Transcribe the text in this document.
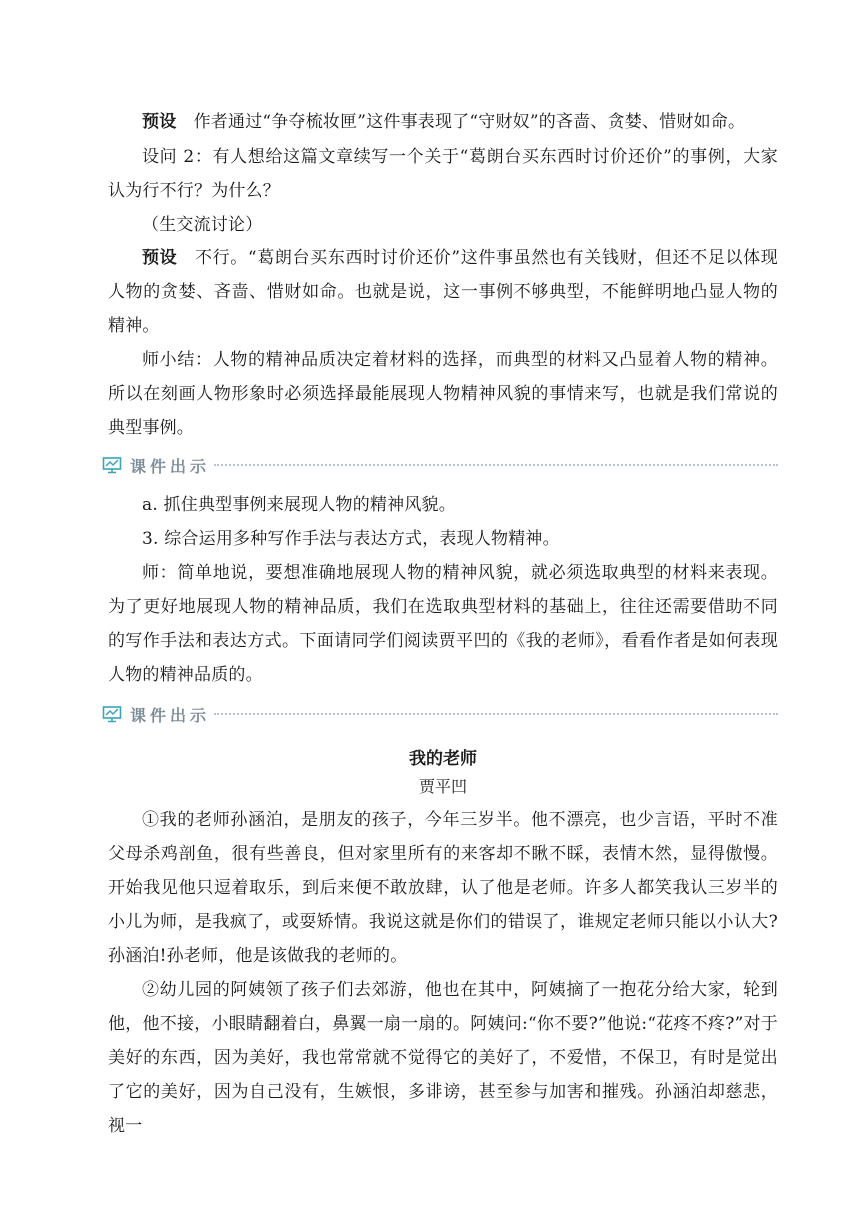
预设　 作者通过“争夺梳妆匣”这件事表现了“守财奴”的吝啬、贪婪、惜财如命。

设问 2：有人想给这篇文章续写一个关于“葛朗台买东西时讨价还价”的事例，大家认为行不行？为什么？

（生交流讨论）

预设　 不行。“葛朗台买东西时讨价还价”这件事虽然也有关钱财，但还不足以体现人物的贪婪、吝啬、惜财如命。也就是说，这一事例不够典型，不能鲜明地凸显人物的精神。

师小结：人物的精神品质决定着材料的选择，而典型的材料又凸显着人物的精神。所以在刻画人物形象时必须选择最能展现人物精神风貌的事情来写，也就是我们常说的典型事例。

课件出示

a. 抓住典型事例来展现人物的精神风貌。

3. 综合运用多种写作手法与表达方式，表现人物精神。

师：简单地说，要想准确地展现人物的精神风貌，就必须选取典型的材料来表现。为了更好地展现人物的精神品质，我们在选取典型材料的基础上，往往还需要借助不同的写作手法和表达方式。下面请同学们阅读贾平凹的《我的老师》，看看作者是如何表现人物的精神品质的。

课件出示
我的老师
贾平凹

①我的老师孙涵泊，是朋友的孩子，今年三岁半。他不漂亮，也少言语，平时不准父母杀鸡剖鱼，很有些善良，但对家里所有的来客却不瞅不睬，表情木然，显得傲慢。开始我见他只逗着取乐，到后来便不敢放肆，认了他是老师。许多人都笑我认三岁半的小儿为师，是我疯了，或耍矫情。我说这就是你们的错误了，谁规定老师只能以小认大?孙涵泊!孙老师，他是该做我的老师的。

②幼儿园的阿姨领了孩子们去郊游，他也在其中，阿姨摘了一抱花分给大家，轮到他，他不接，小眼睛翻着白，鼻翼一扇一扇的。阿姨问:“你不要?”他说:“花疼不疼?”对于美好的东西，因为美好，我也常常就不觉得它的美好了，不爱惜，不保卫，有时是觉出了它的美好，因为自己没有，生嫉恨，多诽谤，甚至参与加害和摧残。孙涵泊却慈悲，视一
